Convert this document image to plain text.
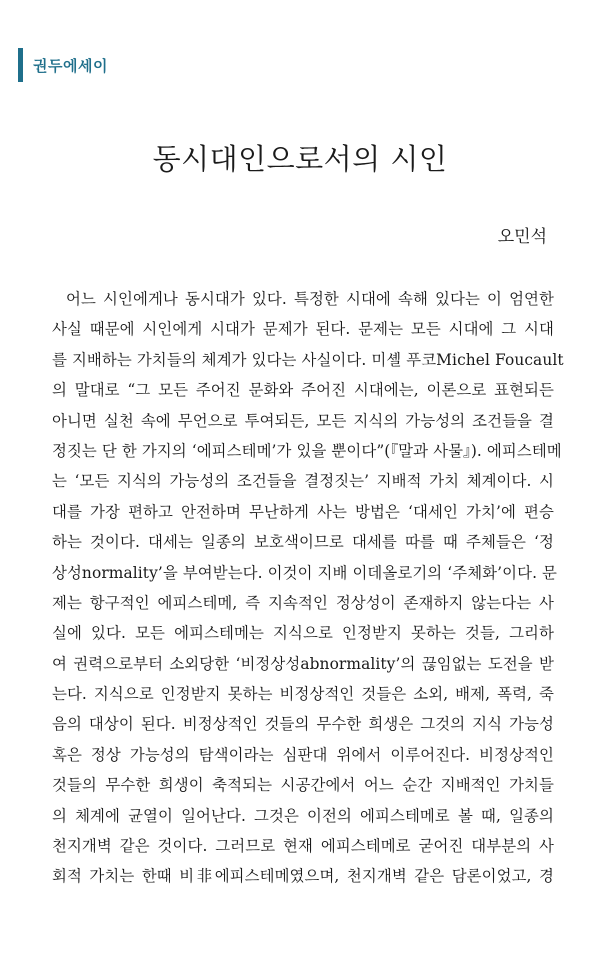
권두에세이
동시대인으로서의 시인
오민석
어느 시인에게나 동시대가 있다. 특정한 시대에 속해 있다는 이 엄연한
사실 때문에 시인에게 시대가 문제가 된다. 문제는 모든 시대에 그 시대
를 지배하는 가치들의 체계가 있다는 사실이다. 미셸 푸코Michel Foucault
의 말대로 “그 모든 주어진 문화와 주어진 시대에는, 이론으로 표현되든
아니면 실천 속에 무언으로 투여되든, 모든 지식의 가능성의 조건들을 결
정짓는 단 한 가지의 ‘에피스테메’가 있을 뿐이다”(『말과 사물』). 에피스테메
는 ‘모든 지식의 가능성의 조건들을 결정짓는’ 지배적 가치 체계이다. 시
대를 가장 편하고 안전하며 무난하게 사는 방법은 ‘대세인 가치’에 편승
하는 것이다. 대세는 일종의 보호색이므로 대세를 따를 때 주체들은 ‘정
상성normality’을 부여받는다. 이것이 지배 이데올로기의 ‘주체화’이다. 문
제는 항구적인 에피스테메, 즉 지속적인 정상성이 존재하지 않는다는 사
실에 있다. 모든 에피스테메는 지식으로 인정받지 못하는 것들, 그리하
여 권력으로부터 소외당한 ‘비정상성abnormality’의 끊임없는 도전을 받
는다. 지식으로 인정받지 못하는 비정상적인 것들은 소외, 배제, 폭력, 죽
음의 대상이 된다. 비정상적인 것들의 무수한 희생은 그것의 지식 가능성
혹은 정상 가능성의 탐색이라는 심판대 위에서 이루어진다. 비정상적인
것들의 무수한 희생이 축적되는 시공간에서 어느 순간 지배적인 가치들
의 체계에 균열이 일어난다. 그것은 이전의 에피스테메로 볼 때, 일종의
천지개벽 같은 것이다. 그러므로 현재 에피스테메로 굳어진 대부분의 사
회적 가치는 한때 비非에피스테메였으며, 천지개벽 같은 담론이었고, 경
